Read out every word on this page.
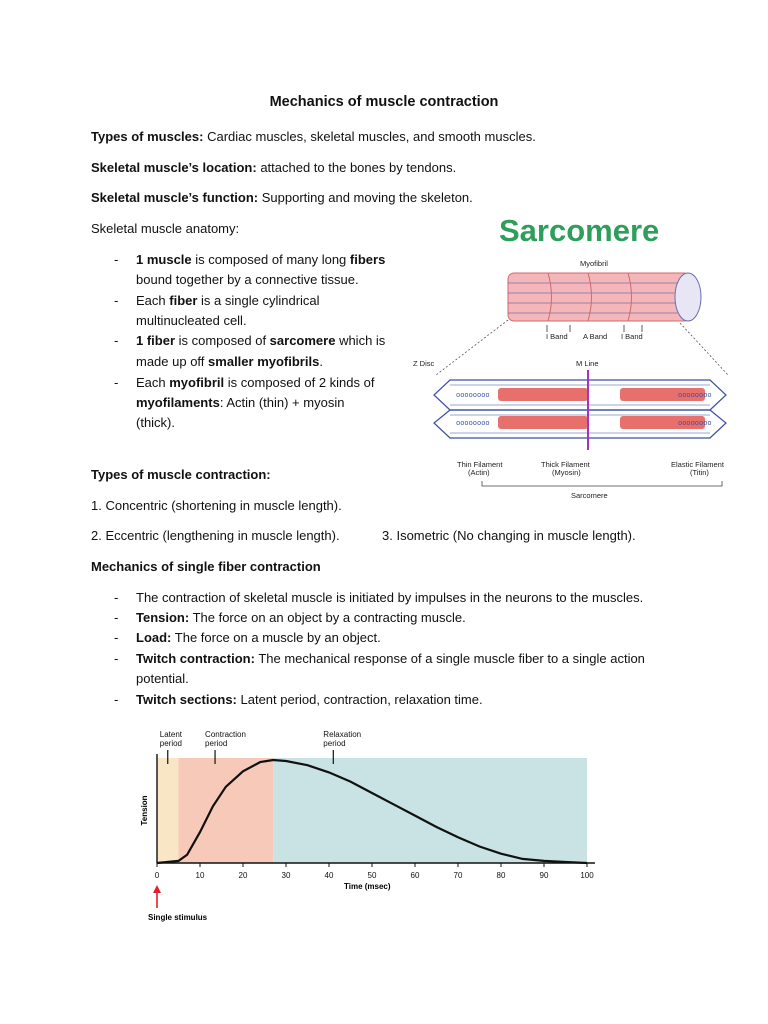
Mechanics of muscle contraction
Types of muscles: Cardiac muscles, skeletal muscles, and smooth muscles.
Skeletal muscle’s location: attached to the bones by tendons.
Skeletal muscle’s function: Supporting and moving the skeleton.
Skeletal muscle anatomy:
- 1 muscle is composed of many long fibers
bound together by a connective tissue.
- Each fiber is a single cylindrical
multinucleated cell.
- 1 fiber is composed of sarcomere which is
made up off smaller myofibrils.
- Each myofibril is composed of 2 kinds of
myofilaments: Actin (thin) + myosin
(thick).
Sarcomere
Myofibril
I Band A Band I Band
Z Disc	M Line
oooooooo
oooooooo
oooooooo
oooooooo
Thin Filament
(Actin)
Thick Filament
(Myosin)
Elastic Filament
(Titin)
Sarcomere
Types of muscle contraction:
1. Concentric (shortening in muscle length).
2. Eccentric (lengthening in muscle length).	3. Isometric (No changing in muscle length).
Mechanics of single fiber contraction
- The contraction of skeletal muscle is initiated by impulses in the neurons to the muscles.
- Tension: The force on an object by a contracting muscle.
- Load: The force on a muscle by an object.
- Twitch contraction: The mechanical response of a single muscle fiber to a single action
potential.
- Twitch sections: Latent period, contraction, relaxation time.
Latent
period
Contraction
period
Relaxation
period
0	10	20	30	40	50	60	70	80	90	100
Time (msec)
Tension
Single stimulus
